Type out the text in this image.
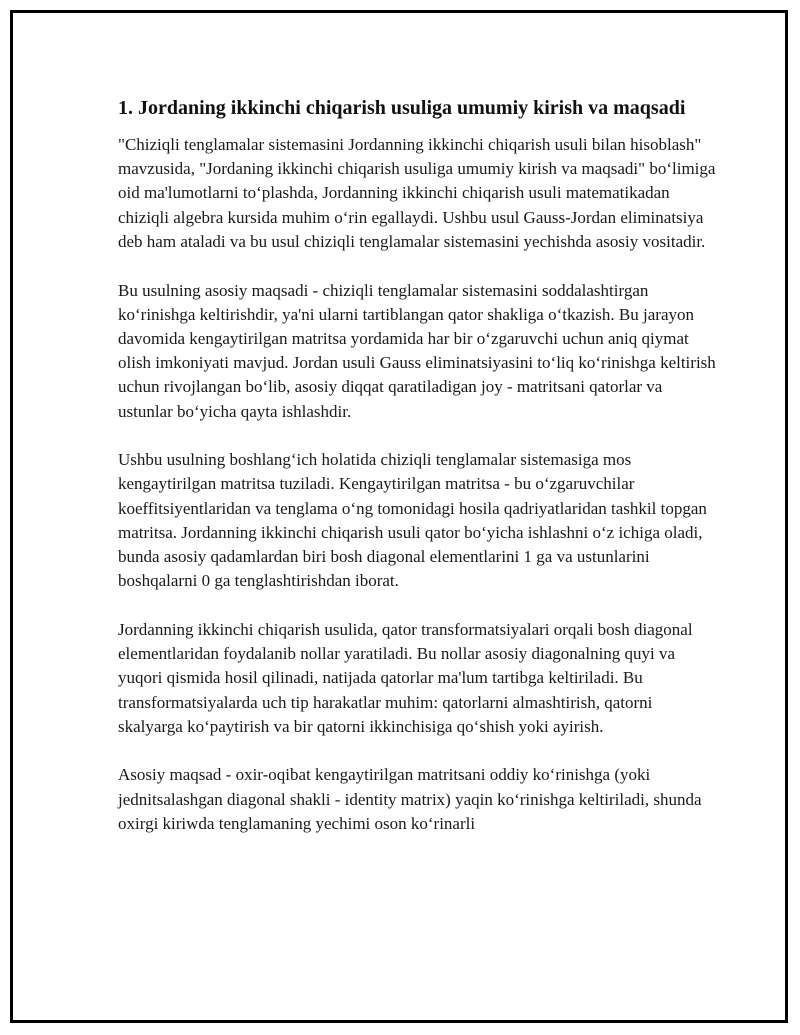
1. Jordaning ikkinchi chiqarish usuliga umumiy kirish va maqsadi

"Chiziqli tenglamalar sistemasini Jordanning ikkinchi chiqarish usuli bilan hisoblash" mavzusida, "Jordaning ikkinchi chiqarish usuliga umumiy kirish va maqsadi" bo‘limiga oid ma'lumotlarni to‘plashda, Jordanning ikkinchi chiqarish usuli matematikadan chiziqli algebra kursida muhim o‘rin egallaydi. Ushbu usul Gauss-Jordan eliminatsiya deb ham ataladi va bu usul chiziqli tenglamalar sistemasini yechishda asosiy vositadir.

Bu usulning asosiy maqsadi - chiziqli tenglamalar sistemasini soddalashtirgan ko‘rinishga keltirishdir, ya'ni ularni tartiblangan qator shakliga o‘tkazish. Bu jarayon davomida kengaytirilgan matritsa yordamida har bir o‘zgaruvchi uchun aniq qiymat olish imkoniyati mavjud. Jordan usuli Gauss eliminatsiyasini to‘liq ko‘rinishga keltirish uchun rivojlangan bo‘lib, asosiy diqqat qaratiladigan joy - matritsani qatorlar va ustunlar bo‘yicha qayta ishlashdir.

Ushbu usulning boshlang‘ich holatida chiziqli tenglamalar sistemasiga mos kengaytirilgan matritsa tuziladi. Kengaytirilgan matritsa - bu o‘zgaruvchilar koeffitsiyentlaridan va tenglama o‘ng tomonidagi hosila qadriyatlaridan tashkil topgan matritsa. Jordanning ikkinchi chiqarish usuli qator bo‘yicha ishlashni o‘z ichiga oladi, bunda asosiy qadamlardan biri bosh diagonal elementlarini 1 ga va ustunlarini boshqalarni 0 ga tenglashtirishdan iborat.

Jordanning ikkinchi chiqarish usulida, qator transformatsiyalari orqali bosh diagonal elementlaridan foydalanib nollar yaratiladi. Bu nollar asosiy diagonalning quyi va yuqori qismida hosil qilinadi, natijada qatorlar ma'lum tartibga keltiriladi. Bu transformatsiyalarda uch tip harakatlar muhim: qatorlarni almashtirish, qatorni skalyarga ko‘paytirish va bir qatorni ikkinchisiga qo‘shish yoki ayirish.

Asosiy maqsad - oxir-oqibat kengaytirilgan matritsani oddiy ko‘rinishga (yoki jednitsalashgan diagonal shakli - identity matrix) yaqin ko‘rinishga keltiriladi, shunda oxirgi kiriwda tenglamaning yechimi oson ko‘rinarli
